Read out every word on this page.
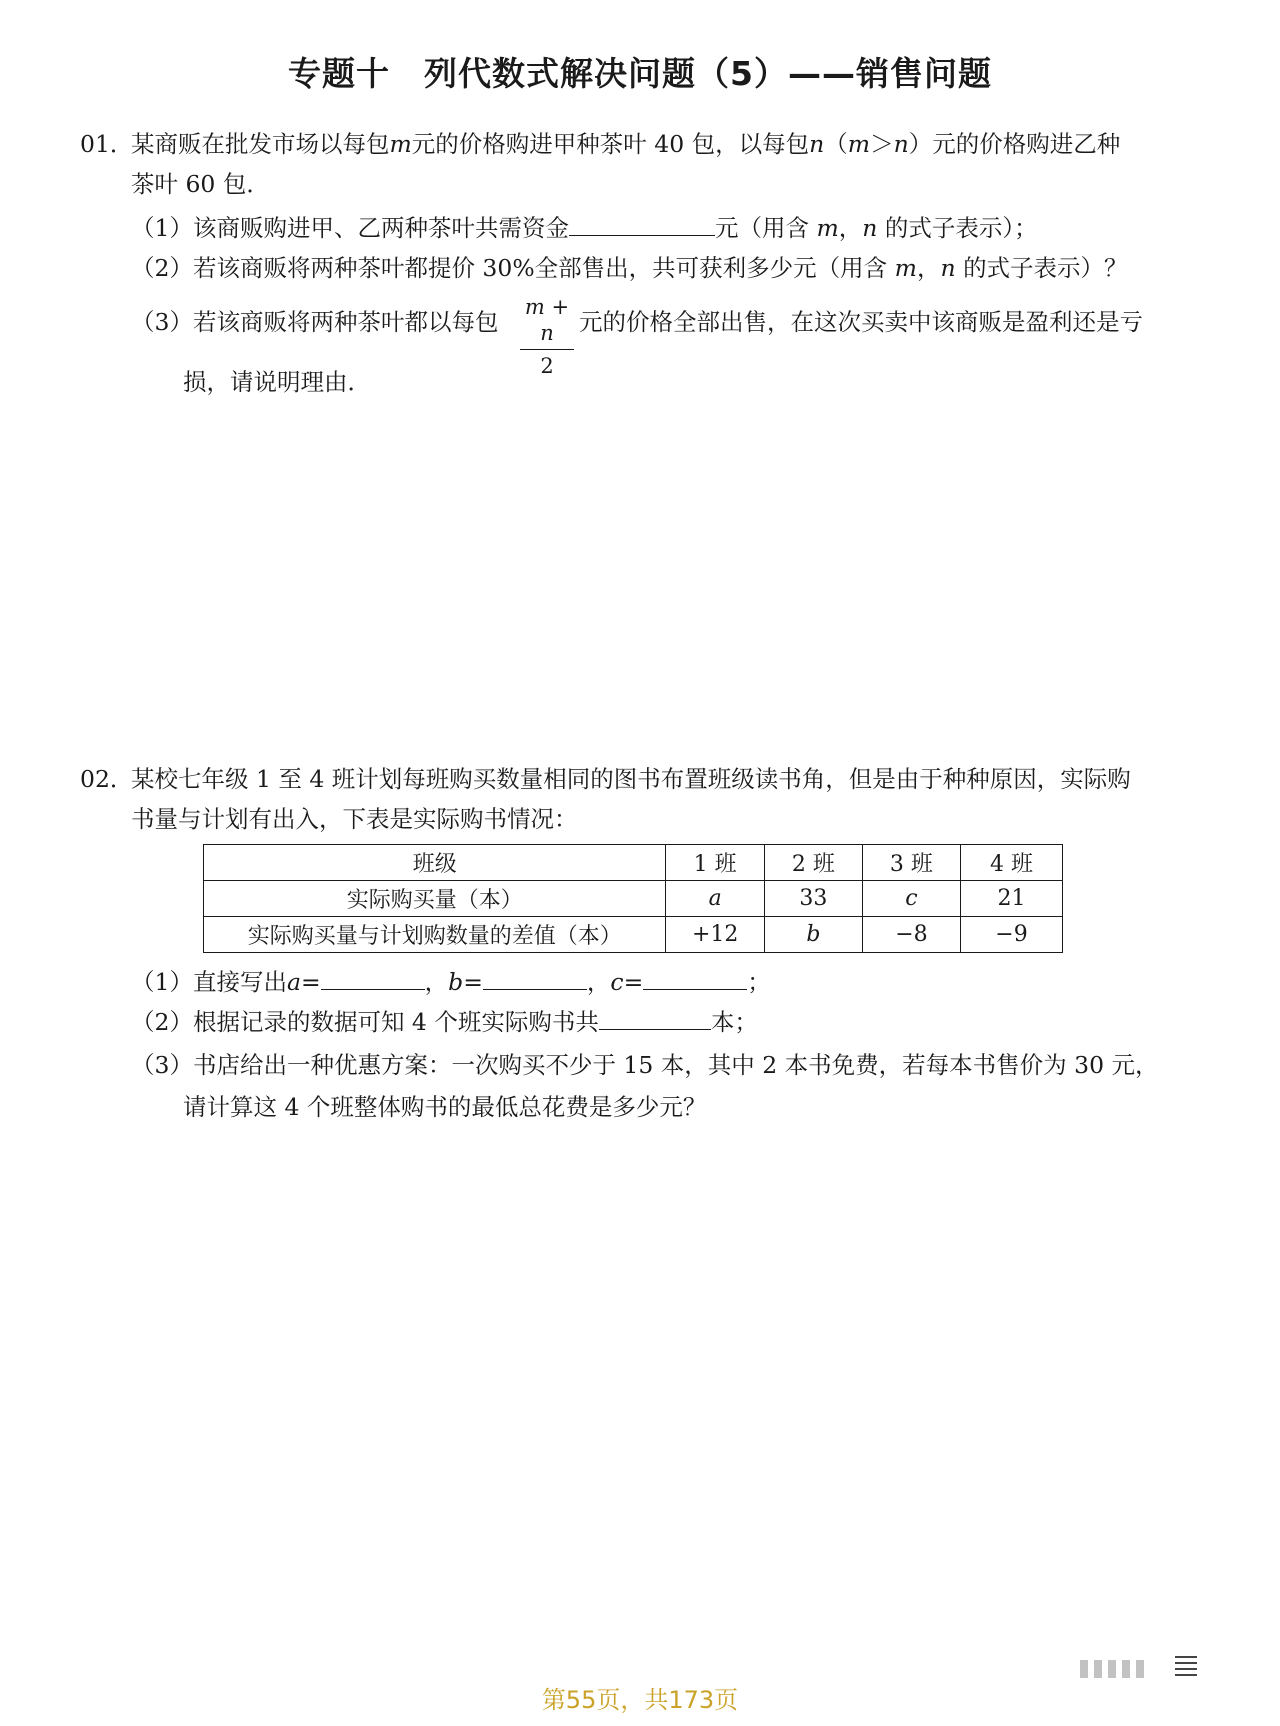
专题十　列代数式解决问题（5）——销售问题
01．
某商贩在批发市场以每包m元的价格购进甲种茶叶 40 包，以每包n（m＞n）元的价格购进乙种
茶叶 60 包．
（1）该商贩购进甲、乙两种茶叶共需资金	元（用含 m，n 的式子表示）；
（2）若该商贩将两种茶叶都提价 30%全部售出，共可获利多少元（用含 m，n 的式子表示）？
（3）若该商贩将两种茶叶都以每包
m + n
2
元的价格全部出售，在这次买卖中该商贩是盈利还是亏
损，请说明理由．
02．
某校七年级 1 至 4 班计划每班购买数量相同的图书布置班级读书角，但是由于种种原因，实际购
书量与计划有出入，下表是实际购书情况：
班级	1 班	2 班	3 班	4 班
实际购买量（本）	a	33	c	21
实际购买量与计划购数量的差值（本）	+12	b	−8	−9
（1）直接写出a=	，b=	，c=	；
（2）根据记录的数据可知 4 个班实际购书共	本；
（3）书店给出一种优惠方案：一次购买不少于 15 本，其中 2 本书免费，若每本书售价为 30 元，
请计算这 4 个班整体购书的最低总花费是多少元？
第55页，共173页
